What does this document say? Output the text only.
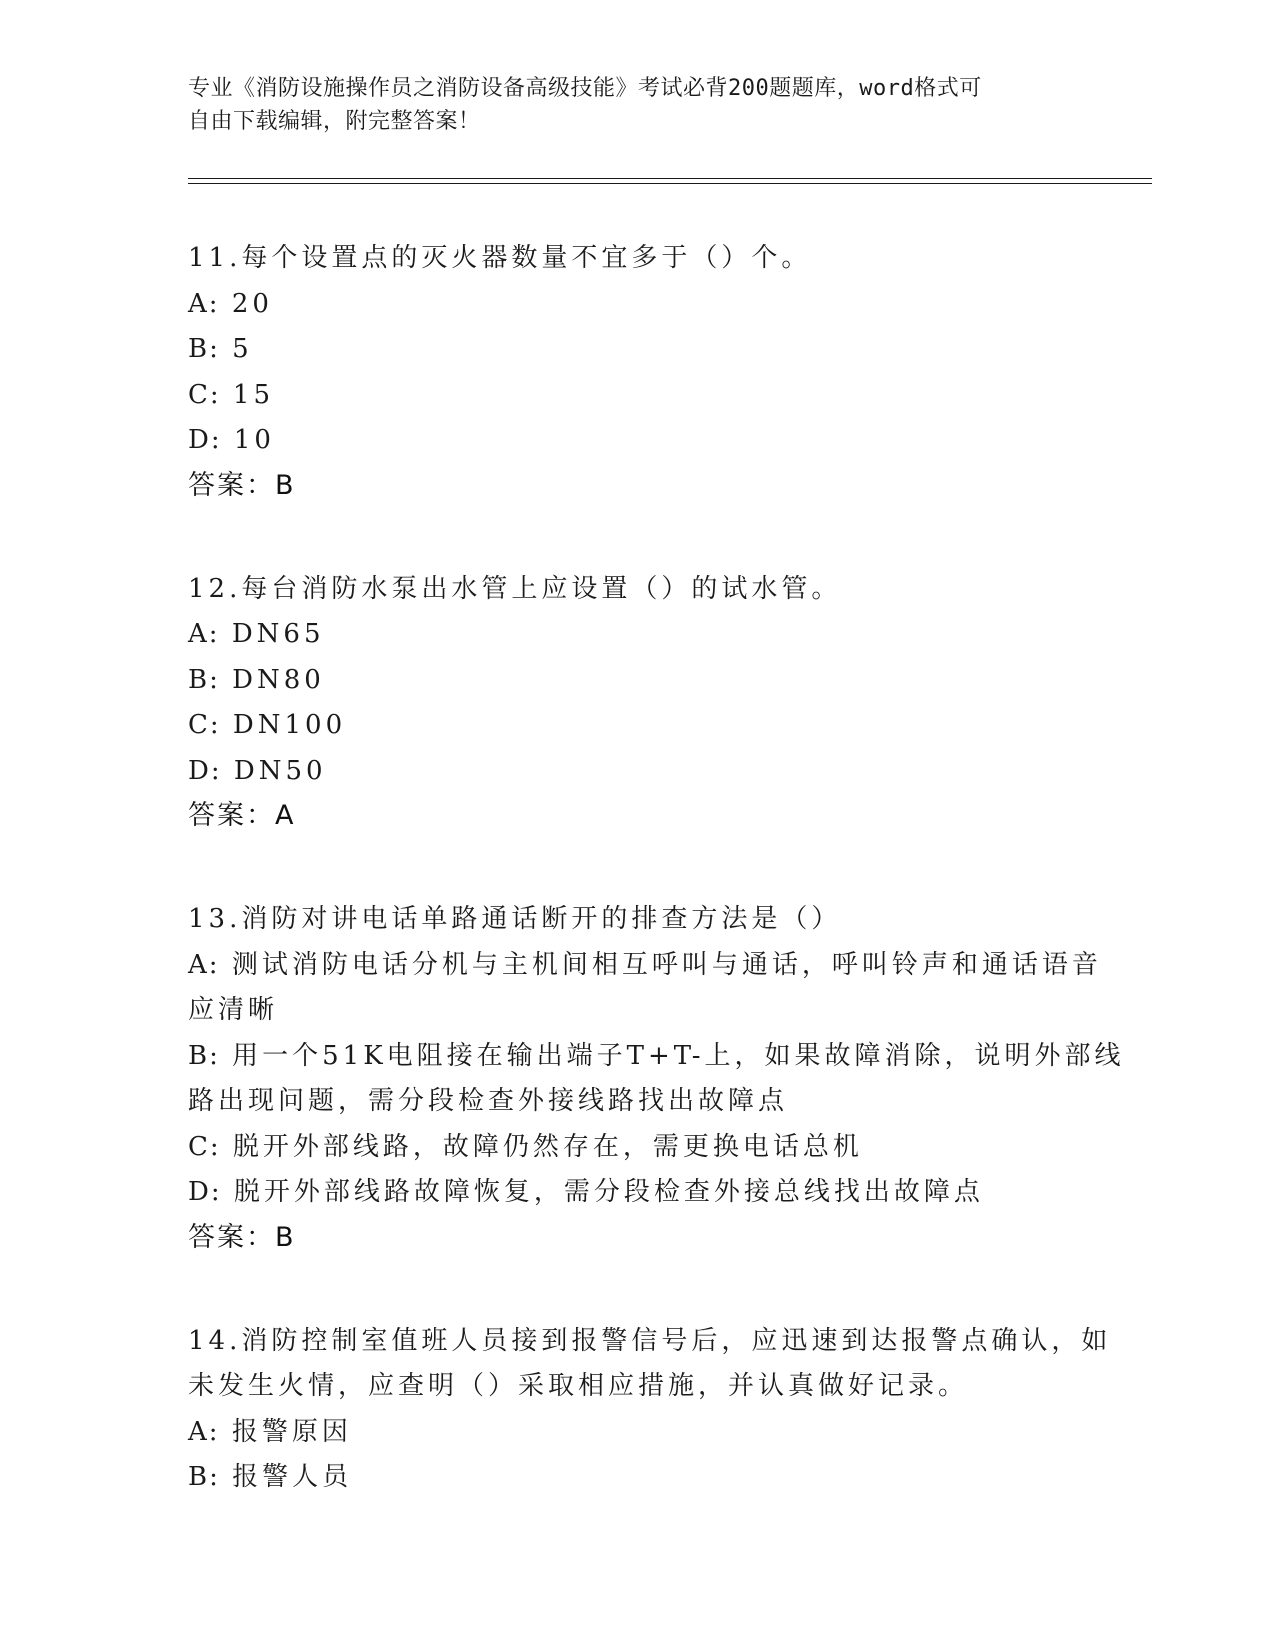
专业《消防设施操作员之消防设备高级技能》考试必背200题题库，word格式可
自由下载编辑，附完整答案！
11.每个设置点的灭火器数量不宜多于（）个。
A: 20
B: 5
C: 15
D: 10
答案：B
12.每台消防水泵出水管上应设置（）的试水管。
A: DN65
B: DN80
C: DN100
D: DN50
答案：A
13.消防对讲电话单路通话断开的排查方法是（）
A: 测试消防电话分机与主机间相互呼叫与通话，呼叫铃声和通话语音
应清晰
B: 用一个51K电阻接在输出端子T+T-上，如果故障消除，说明外部线
路出现问题，需分段检查外接线路找出故障点
C: 脱开外部线路，故障仍然存在，需更换电话总机
D: 脱开外部线路故障恢复，需分段检查外接总线找出故障点
答案：B
14.消防控制室值班人员接到报警信号后，应迅速到达报警点确认，如
未发生火情，应查明（）采取相应措施，并认真做好记录。
A: 报警原因
B: 报警人员
